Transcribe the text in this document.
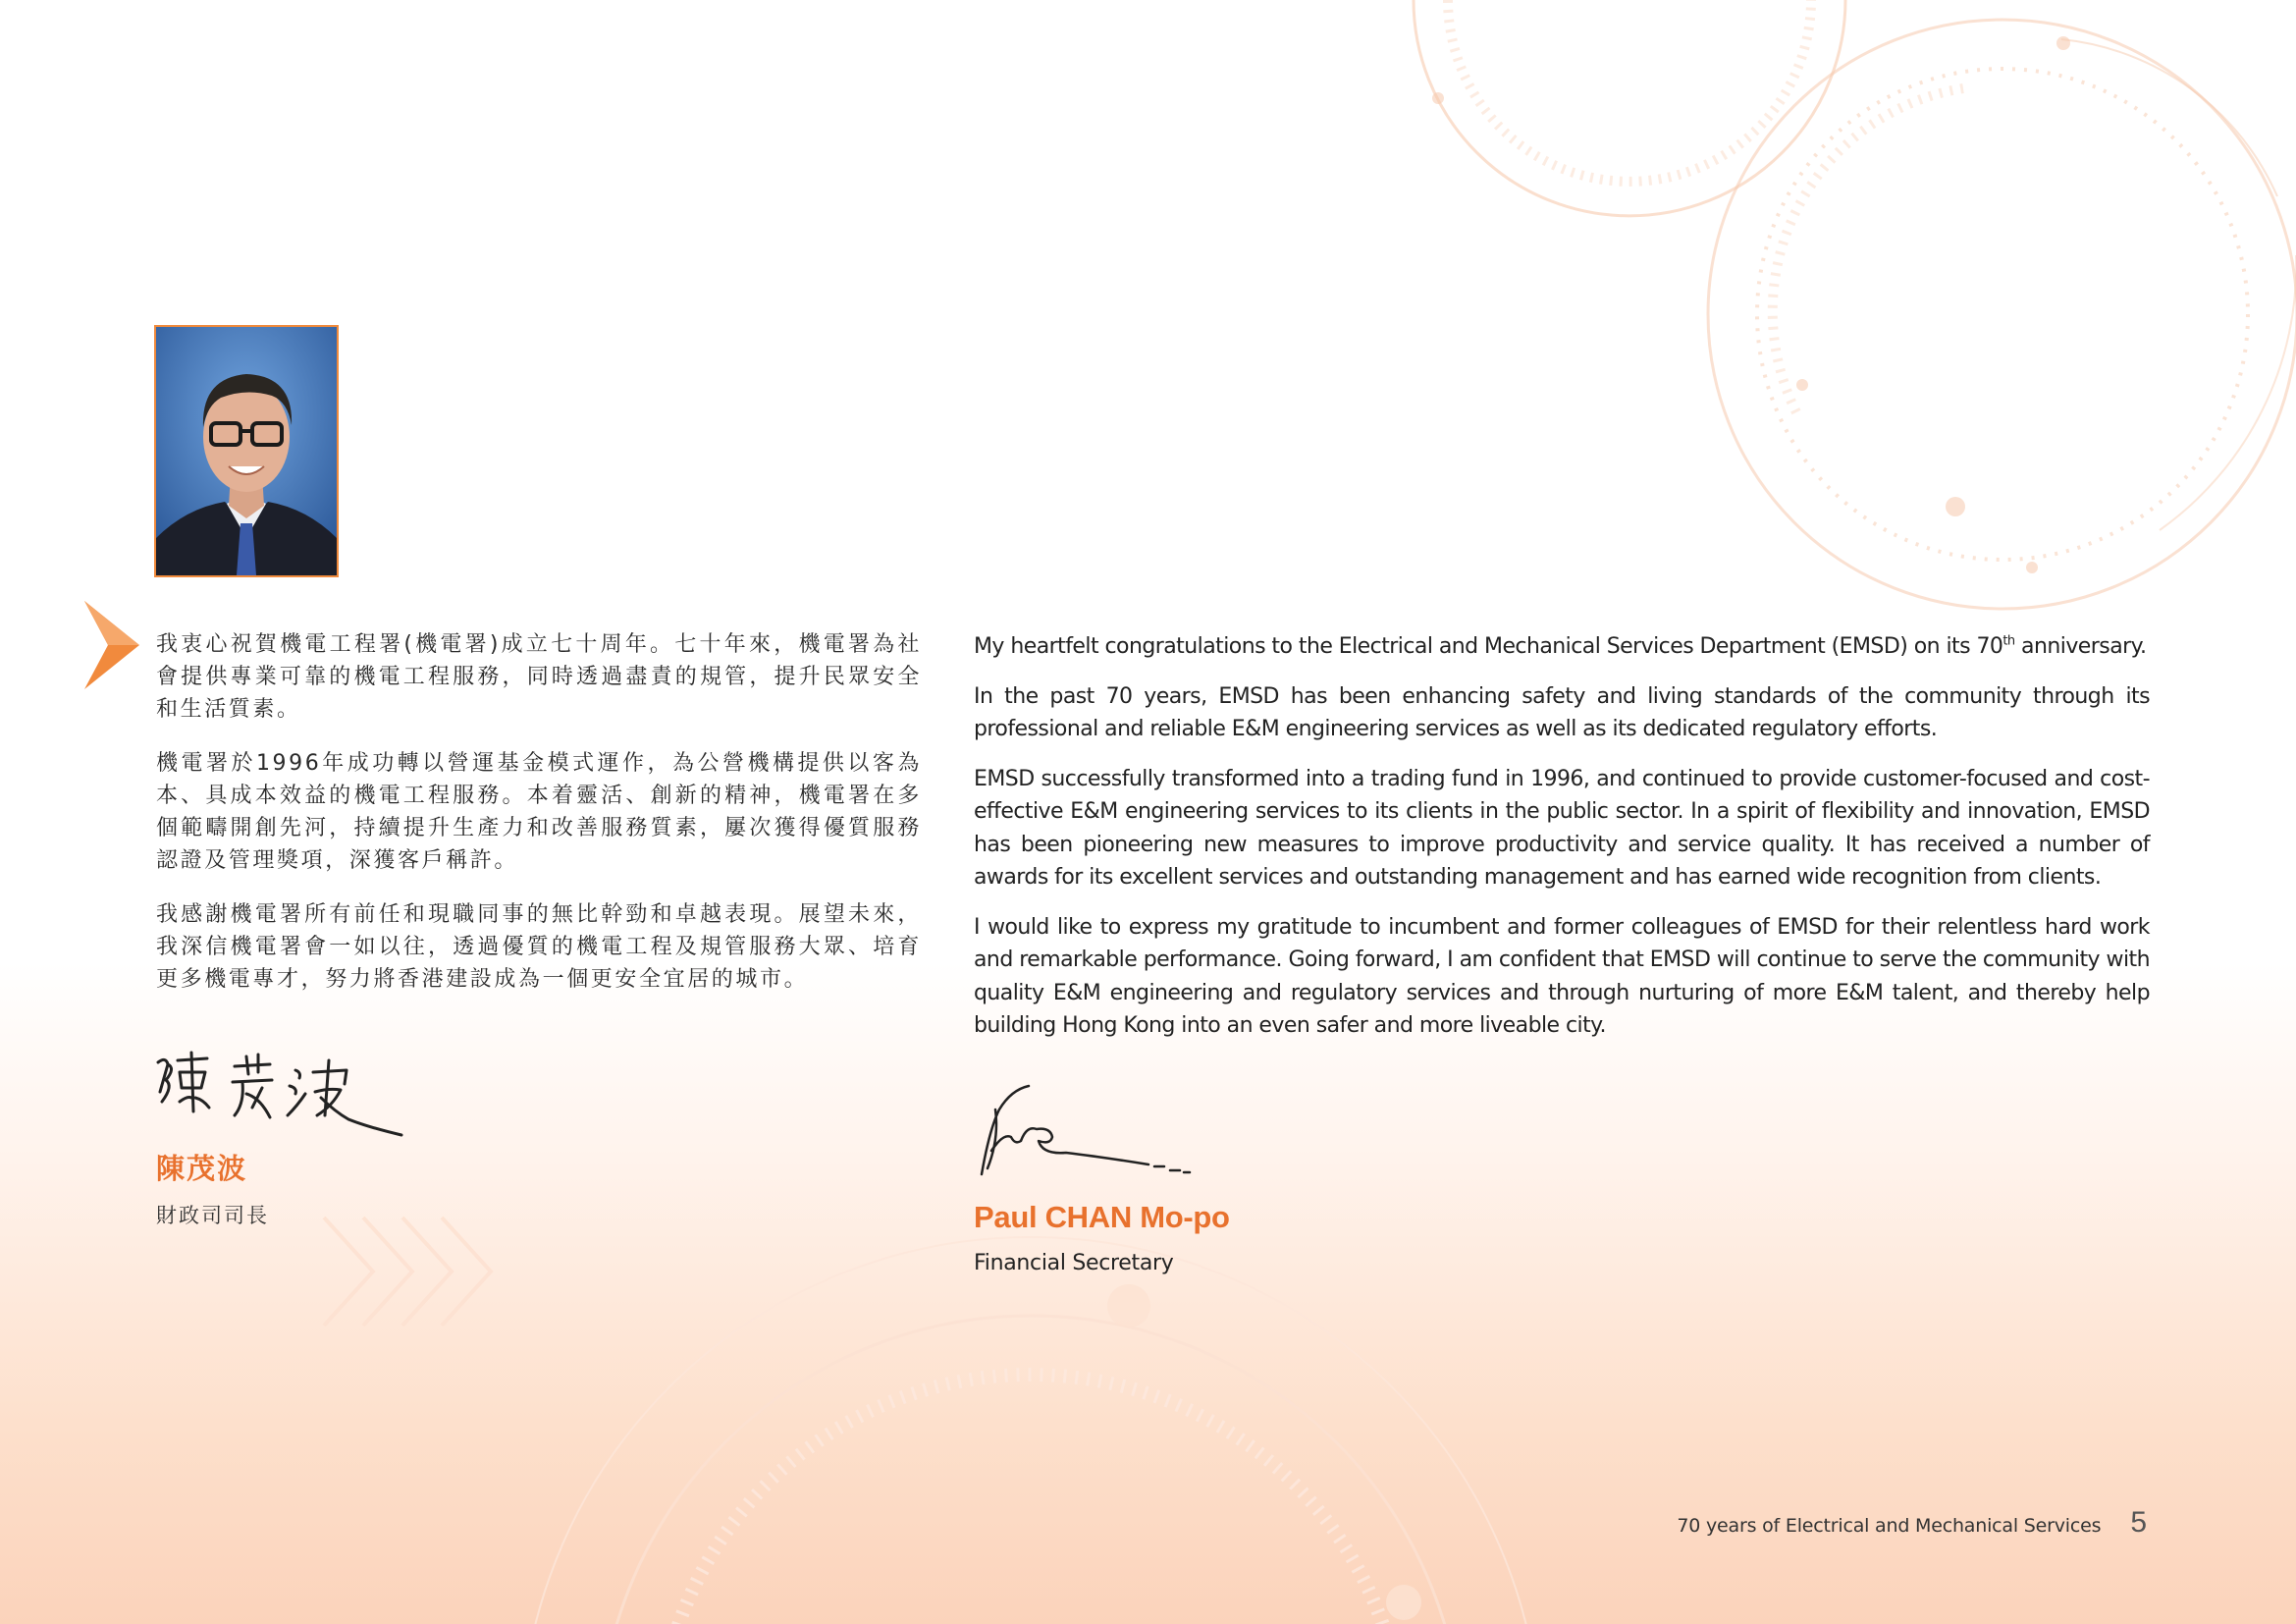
我衷心祝賀機電工程署(機電署)成立七十周年。七十年來，機電署為社會提供專業可靠的機電工程服務，同時透過盡責的規管，提升民眾安全和生活質素。

機電署於1996年成功轉以營運基金模式運作，為公營機構提供以客為本、具成本效益的機電工程服務。本着靈活、創新的精神，機電署在多個範疇開創先河，持續提升生產力和改善服務質素，屢次獲得優質服務認證及管理獎項，深獲客戶稱許。

我感謝機電署所有前任和現職同事的無比幹勁和卓越表現。展望未來，我深信機電署會一如以往，透過優質的機電工程及規管服務大眾、培育更多機電專才，努力將香港建設成為一個更安全宜居的城市。

My heartfelt congratulations to the Electrical and Mechanical Services Department (EMSD) on its 70th anniversary.

In the past 70 years, EMSD has been enhancing safety and living standards of the community through its professional and reliable E&M engineering services as well as its dedicated regulatory efforts.

EMSD successfully transformed into a trading fund in 1996, and continued to provide customer-focused and cost-effective E&M engineering services to its clients in the public sector. In a spirit of flexibility and innovation, EMSD has been pioneering new measures to improve productivity and service quality. It has received a number of awards for its excellent services and outstanding management and has earned wide recognition from clients.

I would like to express my gratitude to incumbent and former colleagues of EMSD for their relentless hard work and remarkable performance. Going forward, I am confident that EMSD will continue to serve the community with quality E&M engineering and regulatory services and through nurturing of more E&M talent, and thereby help building Hong Kong into an even safer and more liveable city.

陳茂波
財政司司長	Paul CHAN Mo-po
Financial Secretary
70 years of Electrical and Mechanical Services 5
